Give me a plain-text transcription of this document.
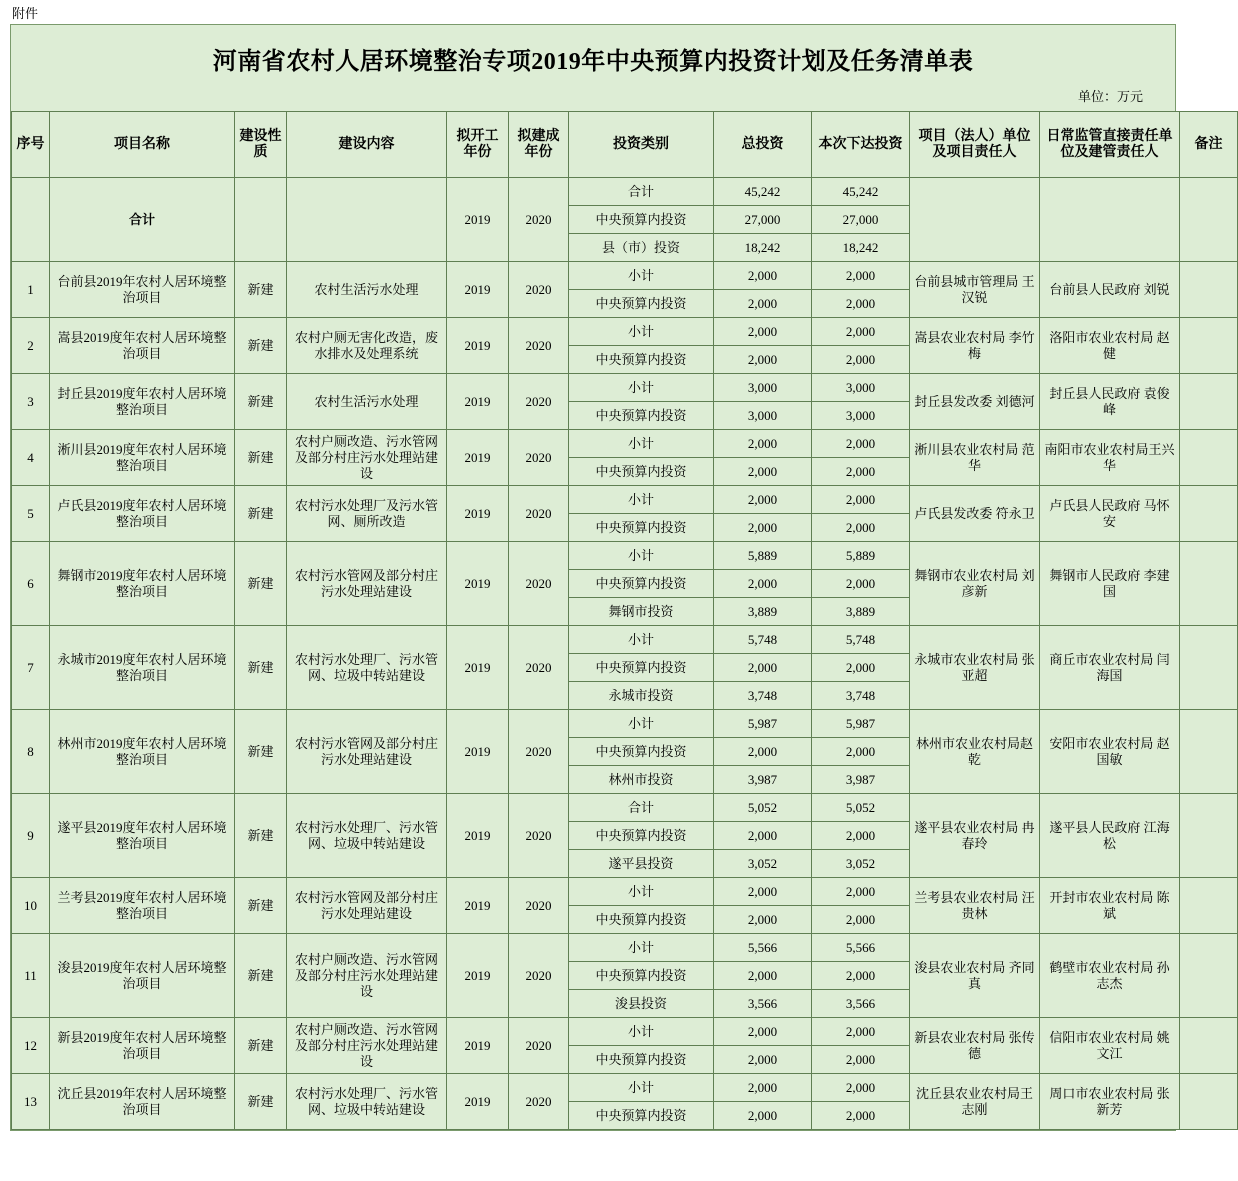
附件
河南省农村人居环境整治专项2019年中央预算内投资计划及任务清单表
单位：万元
序号	项目名称	建设性质	建设内容	拟开工年份	拟建成年份	投资类别	总投资	本次下达投资	项目（法人）单位及项目责任人	日常监管直接责任单位及建管责任人	备注
	合计			2019	2020	合计	45,242	45,242			
						中央预算内投资	27,000	27,000			
						县（市）投资	18,242	18,242			
1	台前县2019年农村人居环境整治项目	新建	农村生活污水处理	2019	2020	小计	2,000	2,000	台前县城市管理局 王汉锐	台前县人民政府 刘锐	
						中央预算内投资	2,000	2,000			
2	嵩县2019度年农村人居环境整治项目	新建	农村户厕无害化改造，废水排水及处理系统	2019	2020	小计	2,000	2,000	嵩县农业农村局 李竹梅	洛阳市农业农村局 赵健	
						中央预算内投资	2,000	2,000			
3	封丘县2019度年农村人居环境整治项目	新建	农村生活污水处理	2019	2020	小计	3,000	3,000	封丘县发改委 刘德河	封丘县人民政府 袁俊峰	
						中央预算内投资	3,000	3,000			
4	淅川县2019度年农村人居环境整治项目	新建	农村户厕改造、污水管网及部分村庄污水处理站建设	2019	2020	小计	2,000	2,000	淅川县农业农村局 范华	南阳市农业农村局王兴华	
						中央预算内投资	2,000	2,000			
5	卢氏县2019度年农村人居环境整治项目	新建	农村污水处理厂及污水管网、厕所改造	2019	2020	小计	2,000	2,000	卢氏县发改委 符永卫	卢氏县人民政府 马怀安	
						中央预算内投资	2,000	2,000			
6	舞钢市2019度年农村人居环境整治项目	新建	农村污水管网及部分村庄污水处理站建设	2019	2020	小计	5,889	5,889	舞钢市农业农村局 刘彦新	舞钢市人民政府 李建国	
						中央预算内投资	2,000	2,000			
						舞钢市投资	3,889	3,889			
7	永城市2019度年农村人居环境整治项目	新建	农村污水处理厂、污水管网、垃圾中转站建设	2019	2020	小计	5,748	5,748	永城市农业农村局 张亚超	商丘市农业农村局 闫海国	
						中央预算内投资	2,000	2,000			
						永城市投资	3,748	3,748			
8	林州市2019度年农村人居环境整治项目	新建	农村污水管网及部分村庄污水处理站建设	2019	2020	小计	5,987	5,987	林州市农业农村局赵乾	安阳市农业农村局 赵国敏	
						中央预算内投资	2,000	2,000			
						林州市投资	3,987	3,987			
9	遂平县2019度年农村人居环境整治项目	新建	农村污水处理厂、污水管网、垃圾中转站建设	2019	2020	合计	5,052	5,052	遂平县农业农村局 冉春玲	遂平县人民政府 江海松	
						中央预算内投资	2,000	2,000			
						遂平县投资	3,052	3,052			
10	兰考县2019度年农村人居环境整治项目	新建	农村污水管网及部分村庄污水处理站建设	2019	2020	小计	2,000	2,000	兰考县农业农村局 汪贵林	开封市农业农村局 陈斌	
						中央预算内投资	2,000	2,000			
11	浚县2019度年农村人居环境整治项目	新建	农村户厕改造、污水管网及部分村庄污水处理站建设	2019	2020	小计	5,566	5,566	浚县农业农村局 齐同真	鹤壁市农业农村局 孙志杰	
						中央预算内投资	2,000	2,000			
						浚县投资	3,566	3,566			
12	新县2019度年农村人居环境整治项目	新建	农村户厕改造、污水管网及部分村庄污水处理站建设	2019	2020	小计	2,000	2,000	新县农业农村局 张传德	信阳市农业农村局 姚文江	
						中央预算内投资	2,000	2,000			
13	沈丘县2019年农村人居环境整治项目	新建	农村污水处理厂、污水管网、垃圾中转站建设	2019	2020	小计	2,000	2,000	沈丘县农业农村局王志刚	周口市农业农村局 张新芳	
						中央预算内投资	2,000	2,000			
